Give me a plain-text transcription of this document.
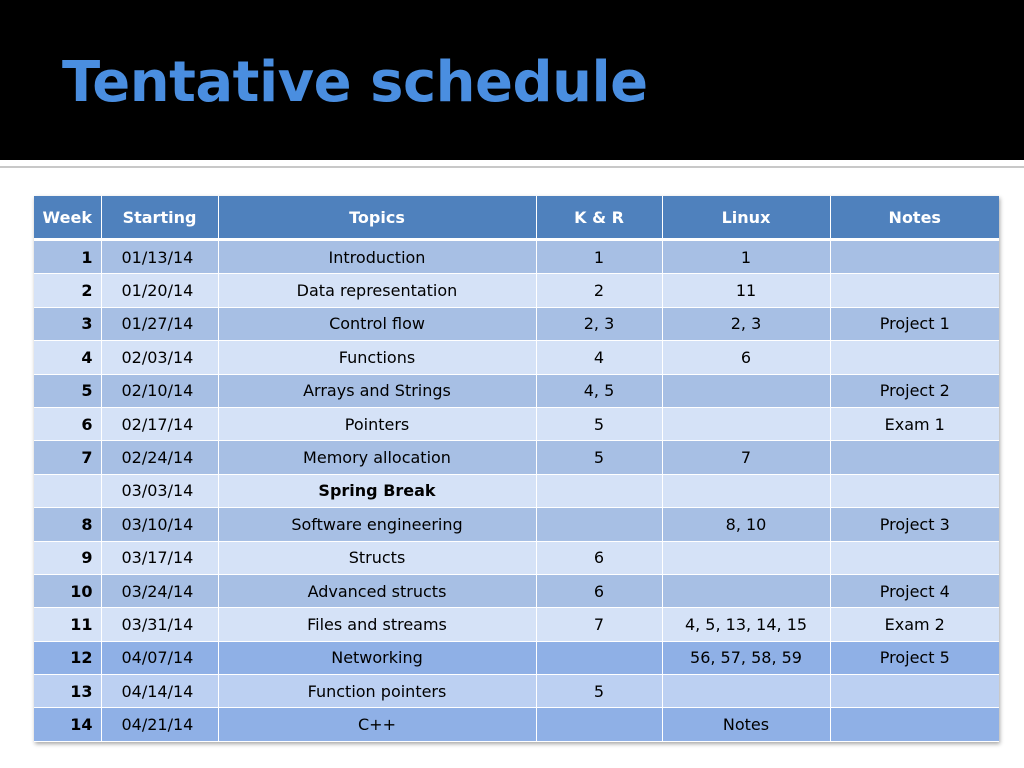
Tentative schedule
Week	Starting	Topics	K & R	Linux	Notes
1	01/13/14	Introduction	1	1	
2	01/20/14	Data representation	2	11	
3	01/27/14	Control flow	2, 3	2, 3	Project 1
4	02/03/14	Functions	4	6	
5	02/10/14	Arrays and Strings	4, 5		Project 2
6	02/17/14	Pointers	5		Exam 1
7	02/24/14	Memory allocation	5	7	
	03/03/14	Spring Break			
8	03/10/14	Software engineering		8, 10	Project 3
9	03/17/14	Structs	6		
10	03/24/14	Advanced structs	6		Project 4
11	03/31/14	Files and streams	7	4, 5, 13, 14, 15	Exam 2
12	04/07/14	Networking		56, 57, 58, 59	Project 5
13	04/14/14	Function pointers	5		
14	04/21/14	C++		Notes	
